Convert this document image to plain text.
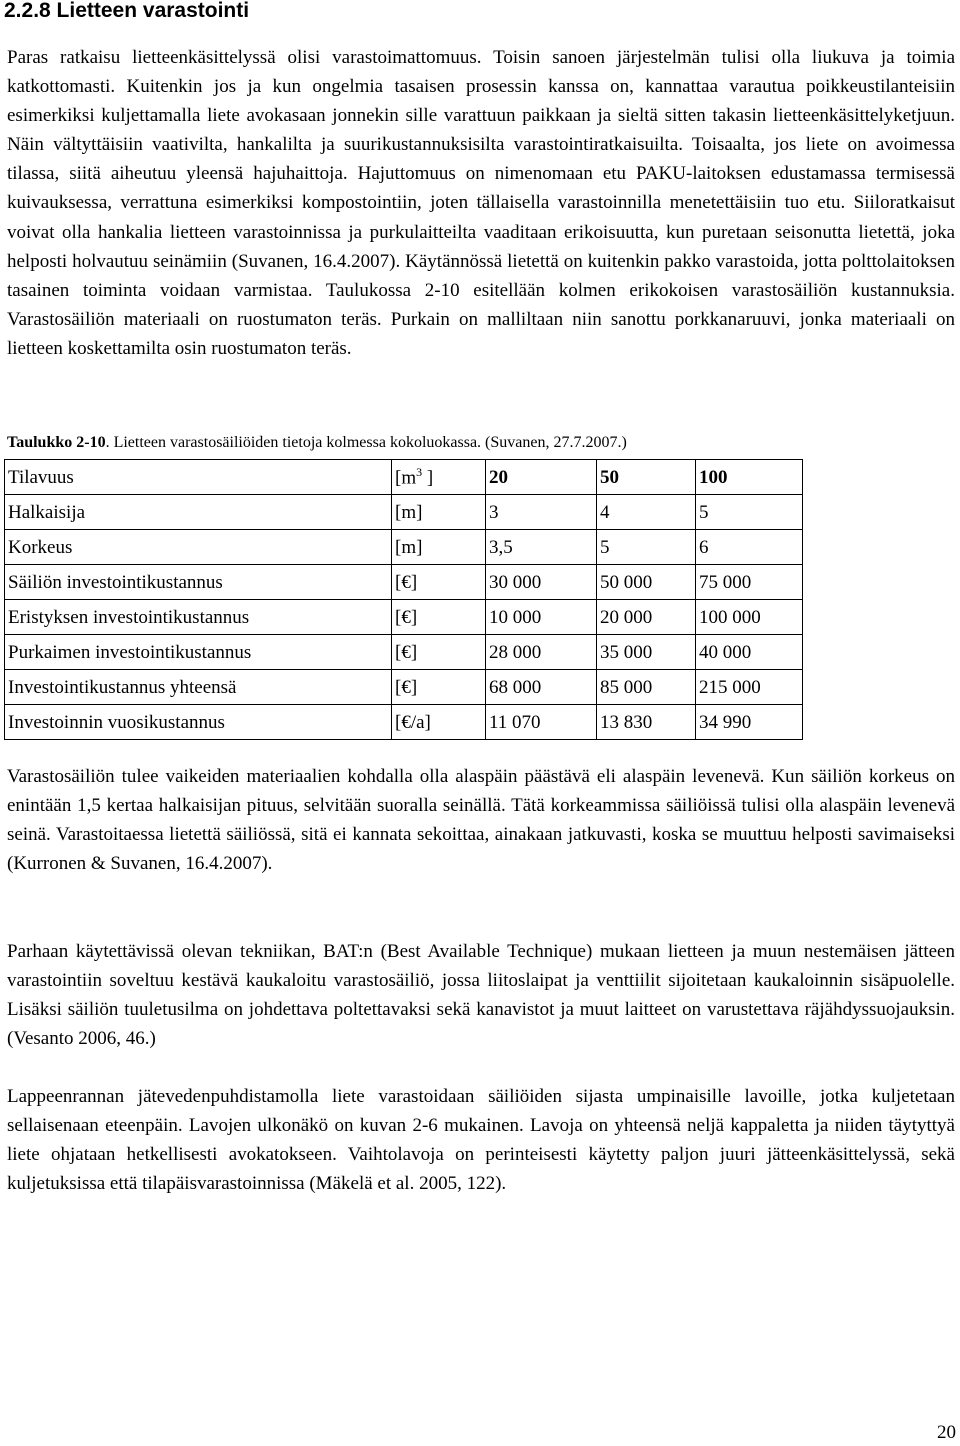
2.2.8 Lietteen varastointi

Paras ratkaisu lietteenkäsittelyssä olisi varastoimattomuus. Toisin sanoen järjestelmän tulisi olla liukuva ja toimia katkottomasti. Kuitenkin jos ja kun ongelmia tasaisen prosessin kanssa on, kannattaa varautua poikkeustilanteisiin esimerkiksi kuljettamalla liete avokasaan jonnekin sille varattuun paikkaan ja sieltä sitten takasin lietteenkäsittelyketjuun. Näin vältyttäisiin vaativilta, hankalilta ja suurikustannuksisilta varastointiratkaisuilta. Toisaalta, jos liete on avoimessa tilassa, siitä aiheutuu yleensä hajuhaittoja. Hajuttomuus on nimenomaan etu PAKU-laitoksen edustamassa termisessä kuivauksessa, verrattuna esimerkiksi kompostointiin, joten tällaisella varastoinnilla menetettäisiin tuo etu. Siiloratkaisut voivat olla hankalia lietteen varastoinnissa ja purkulaitteilta vaaditaan erikoisuutta, kun puretaan seisonutta lietettä, joka helposti holvautuu seinämiin (Suvanen, 16.4.2007). Käytännössä lietettä on kuitenkin pakko varastoida, jotta polttolaitoksen tasainen toiminta voidaan varmistaa. Taulukossa 2-10 esitellään kolmen erikokoisen varastosäiliön kustannuksia. Varastosäiliön materiaali on ruostumaton teräs. Purkain on malliltaan niin sanottu porkkanaruuvi, jonka materiaali on lietteen koskettamilta osin ruostumaton teräs.

Taulukko 2-10. Lietteen varastosäiliöiden tietoja kolmessa kokoluokassa. (Suvanen, 27.7.2007.)

Tilavuus	[$m^3$ ]	20	50	100
Halkaisija	[m]	3	4	5
Korkeus	[m]	3,5	5	6
Säiliön investointikustannus	[€]	30 000	50 000	75 000
Eristyksen investointikustannus	[€]	10 000	20 000	100 000
Purkaimen investointikustannus	[€]	28 000	35 000	40 000
Investointikustannus yhteensä	[€]	68 000	85 000	215 000
Investoinnin vuosikustannus	[€/a]	11 070	13 830	34 990

Varastosäiliön tulee vaikeiden materiaalien kohdalla olla alaspäin päästävä eli alaspäin levenevä. Kun säiliön korkeus on enintään 1,5 kertaa halkaisijan pituus, selvitään suoralla seinällä. Tätä korkeammissa säiliöissä tulisi olla alaspäin levenevä seinä. Varastoitaessa lietettä säiliössä, sitä ei kannata sekoittaa, ainakaan jatkuvasti, koska se muuttuu helposti savimaiseksi (Kurronen & Suvanen, 16.4.2007).

Parhaan käytettävissä olevan tekniikan, BAT:n (Best Available Technique) mukaan lietteen ja muun nestemäisen jätteen varastointiin soveltuu kestävä kaukaloitu varastosäiliö, jossa liitoslaipat ja venttiilit sijoitetaan kaukaloinnin sisäpuolelle. Lisäksi säiliön tuuletusilma on johdettava poltettavaksi sekä kanavistot ja muut laitteet on varustettava räjähdyssuojauksin. (Vesanto 2006, 46.)

Lappeenrannan jätevedenpuhdistamolla liete varastoidaan säiliöiden sijasta umpinaisille lavoille, jotka kuljetetaan sellaisenaan eteenpäin. Lavojen ulkonäkö on kuvan 2-6 mukainen. Lavoja on yhteensä neljä kappaletta ja niiden täytyttyä liete ohjataan hetkellisesti avokatokseen. Vaihtolavoja on perinteisesti käytetty paljon juuri jätteenkäsittelyssä, sekä kuljetuksissa että tilapäisvarastoinnissa (Mäkelä et al. 2005, 122).

20
